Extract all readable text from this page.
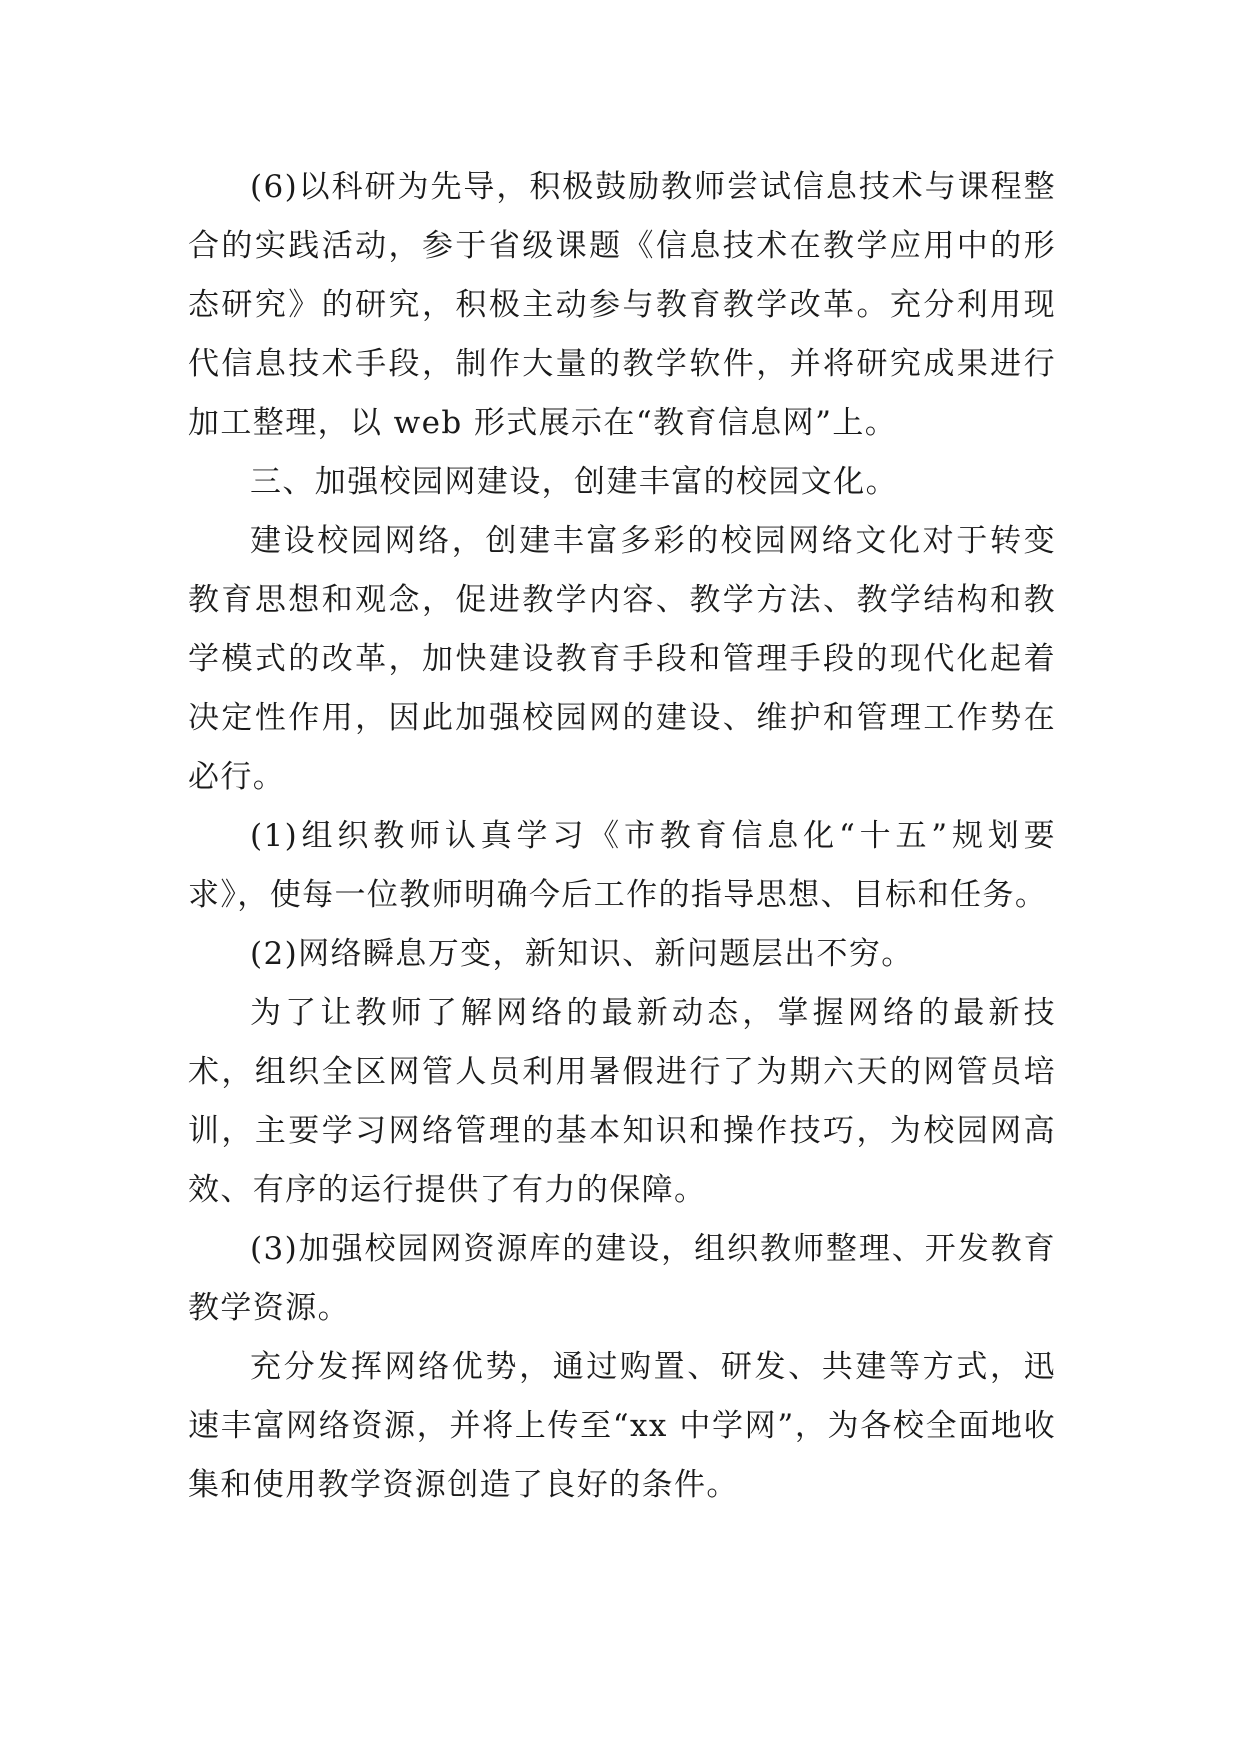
(6)以科研为先导，积极鼓励教师尝试信息技术与课程整合的实践活动，参于省级课题《信息技术在教学应用中的形态研究》的研究，积极主动参与教育教学改革。充分利用现代信息技术手段，制作大量的教学软件，并将研究成果进行加工整理，以 web 形式展示在“教育信息网”上。

三、加强校园网建设，创建丰富的校园文化。

建设校园网络，创建丰富多彩的校园网络文化对于转变教育思想和观念，促进教学内容、教学方法、教学结构和教学模式的改革，加快建设教育手段和管理手段的现代化起着决定性作用，因此加强校园网的建设、维护和管理工作势在必行。

(1)组织教师认真学习《市教育信息化“十五”规划要求》，使每一位教师明确今后工作的指导思想、目标和任务。

(2)网络瞬息万变，新知识、新问题层出不穷。

为了让教师了解网络的最新动态，掌握网络的最新技术，组织全区网管人员利用暑假进行了为期六天的网管员培训，主要学习网络管理的基本知识和操作技巧，为校园网高效、有序的运行提供了有力的保障。

(3)加强校园网资源库的建设，组织教师整理、开发教育教学资源。

充分发挥网络优势，通过购置、研发、共建等方式，迅速丰富网络资源，并将上传至“xx 中学网”，为各校全面地收集和使用教学资源创造了良好的条件。
